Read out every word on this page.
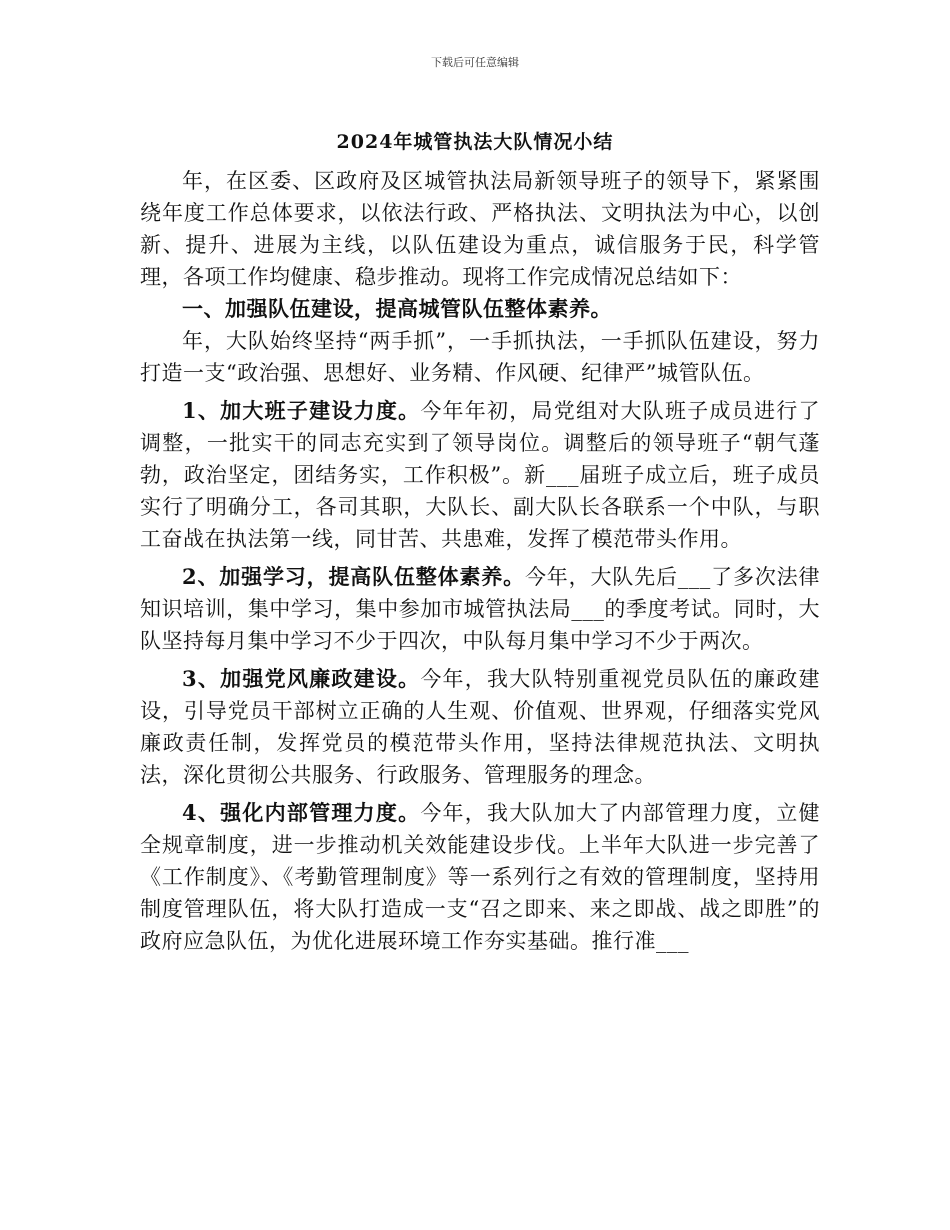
下载后可任意编辑
2024年城管执法大队情况小结

年，在区委、区政府及区城管执法局新领导班子的领导下，紧紧围绕年度工作总体要求，以依法行政、严格执法、文明执法为中心，以创新、提升、进展为主线，以队伍建设为重点，诚信服务于民，科学管理，各项工作均健康、稳步推动。现将工作完成情况总结如下：

一、加强队伍建设，提高城管队伍整体素养。

年，大队始终坚持“两手抓”，一手抓执法，一手抓队伍建设，努力打造一支“政治强、思想好、业务精、作风硬、纪律严”城管队伍。

1、加大班子建设力度。今年年初，局党组对大队班子成员进行了调整，一批实干的同志充实到了领导岗位。调整后的领导班子“朝气蓬勃，政治坚定，团结务实，工作积极”。新___届班子成立后，班子成员实行了明确分工，各司其职，大队长、副大队长各联系一个中队，与职工奋战在执法第一线，同甘苦、共患难，发挥了模范带头作用。

2、加强学习，提高队伍整体素养。今年，大队先后___了多次法律知识培训，集中学习，集中参加市城管执法局___的季度考试。同时，大队坚持每月集中学习不少于四次，中队每月集中学习不少于两次。

3、加强党风廉政建设。今年，我大队特别重视党员队伍的廉政建设，引导党员干部树立正确的人生观、价值观、世界观，仔细落实党风廉政责任制，发挥党员的模范带头作用，坚持法律规范执法、文明执法，深化贯彻公共服务、行政服务、管理服务的理念。

4、强化内部管理力度。今年，我大队加大了内部管理力度，立健全规章制度，进一步推动机关效能建设步伐。上半年大队进一步完善了《工作制度》、《考勤管理制度》等一系列行之有效的管理制度，坚持用制度管理队伍，将大队打造成一支“召之即来、来之即战、战之即胜”的政府应急队伍，为优化进展环境工作夯实基础。推行准___
